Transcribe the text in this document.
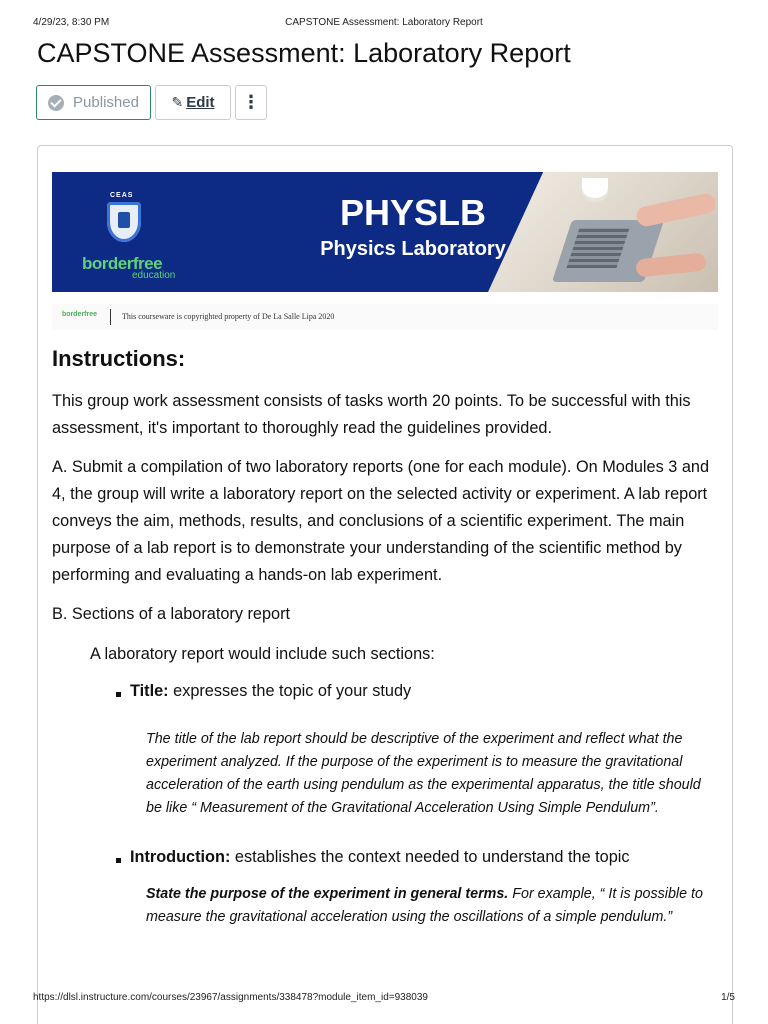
4/29/23, 8:30 PM	CAPSTONE Assessment: Laboratory Report
CAPSTONE Assessment: Laboratory Report
Published ✎ Edit ⋮
CEAS
borderfree
education
PHYSLB
Physics Laboratory
borderfree	This courseware is copyrighted property of De La Salle Lipa 2020
Instructions:

This group work assessment consists of tasks worth 20 points. To be successful with this assessment, it's important to thoroughly read the guidelines provided.

A. Submit a compilation of two laboratory reports (one for each module). On Modules 3 and 4, the group will write a laboratory report on the selected activity or experiment. A lab report conveys the aim, methods, results, and conclusions of a scientific experiment. The main purpose of a lab report is to demonstrate your understanding of the scientific method by performing and evaluating a hands-on lab experiment.

B. Sections of a laboratory report

A laboratory report would include such sections:

Title: expresses the topic of your study

The title of the lab report should be descriptive of the experiment and reflect what the experiment analyzed. If the purpose of the experiment is to measure the gravitational acceleration of the earth using pendulum as the experimental apparatus, the title should be like “ Measurement of the Gravitational Acceleration Using Simple Pendulum”.

Introduction: establishes the context needed to understand the topic

State the purpose of the experiment in general terms. For example, “ It is possible to measure the gravitational acceleration using the oscillations of a simple pendulum.”

https://dlsl.instructure.com/courses/23967/assignments/338478?module_item_id=938039	1/5
